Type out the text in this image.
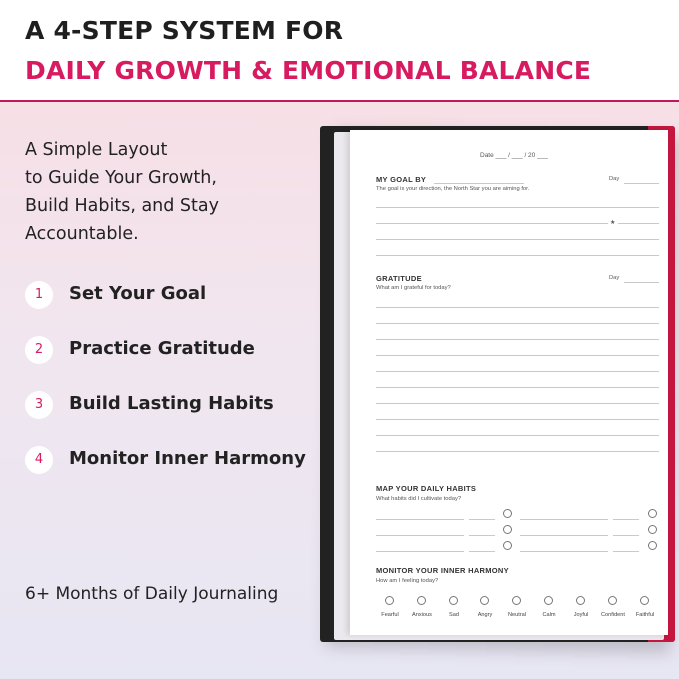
A 4-STEP SYSTEM FOR
DAILY GROWTH & EMOTIONAL BALANCE
A Simple Layout
to Guide Your Growth,
Build Habits, and Stay
Accountable.
1	Set Your Goal
2	Practice Gratitude
3	Build Lasting Habits
4	Monitor Inner Harmony
6+ Months of Daily Journaling
Date ___ / ___ / 20 ___
MY GOAL BY	Day
The goal is your direction, the North Star you are aiming for.
★
GRATITUDE	Day
What am I grateful for today?
MAP YOUR DAILY HABITS
What habits did I cultivate today?
MONITOR YOUR INNER HARMONY
How am I feeling today?
Fearful	Anxious	Sad	Angry	Neutral	Calm	Joyful	Confident	Faithful
